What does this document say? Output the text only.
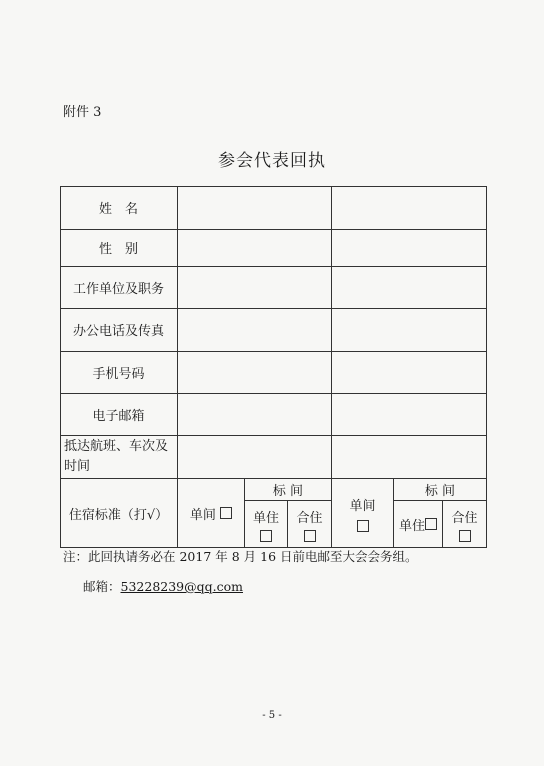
附件 3
参会代表回执
姓　名
性　别
工作单位及职务
办公电话及传真
手机号码
电子邮箱
抵达航班、车次及时间
住宿标准（打√）	单间

标 间
单住 合住
单间
标 间
单住
合住
注：此回执请务必在 2017 年 8 月 16 日前电邮至大会会务组。
邮箱：53228239@qq.com
- 5 -
